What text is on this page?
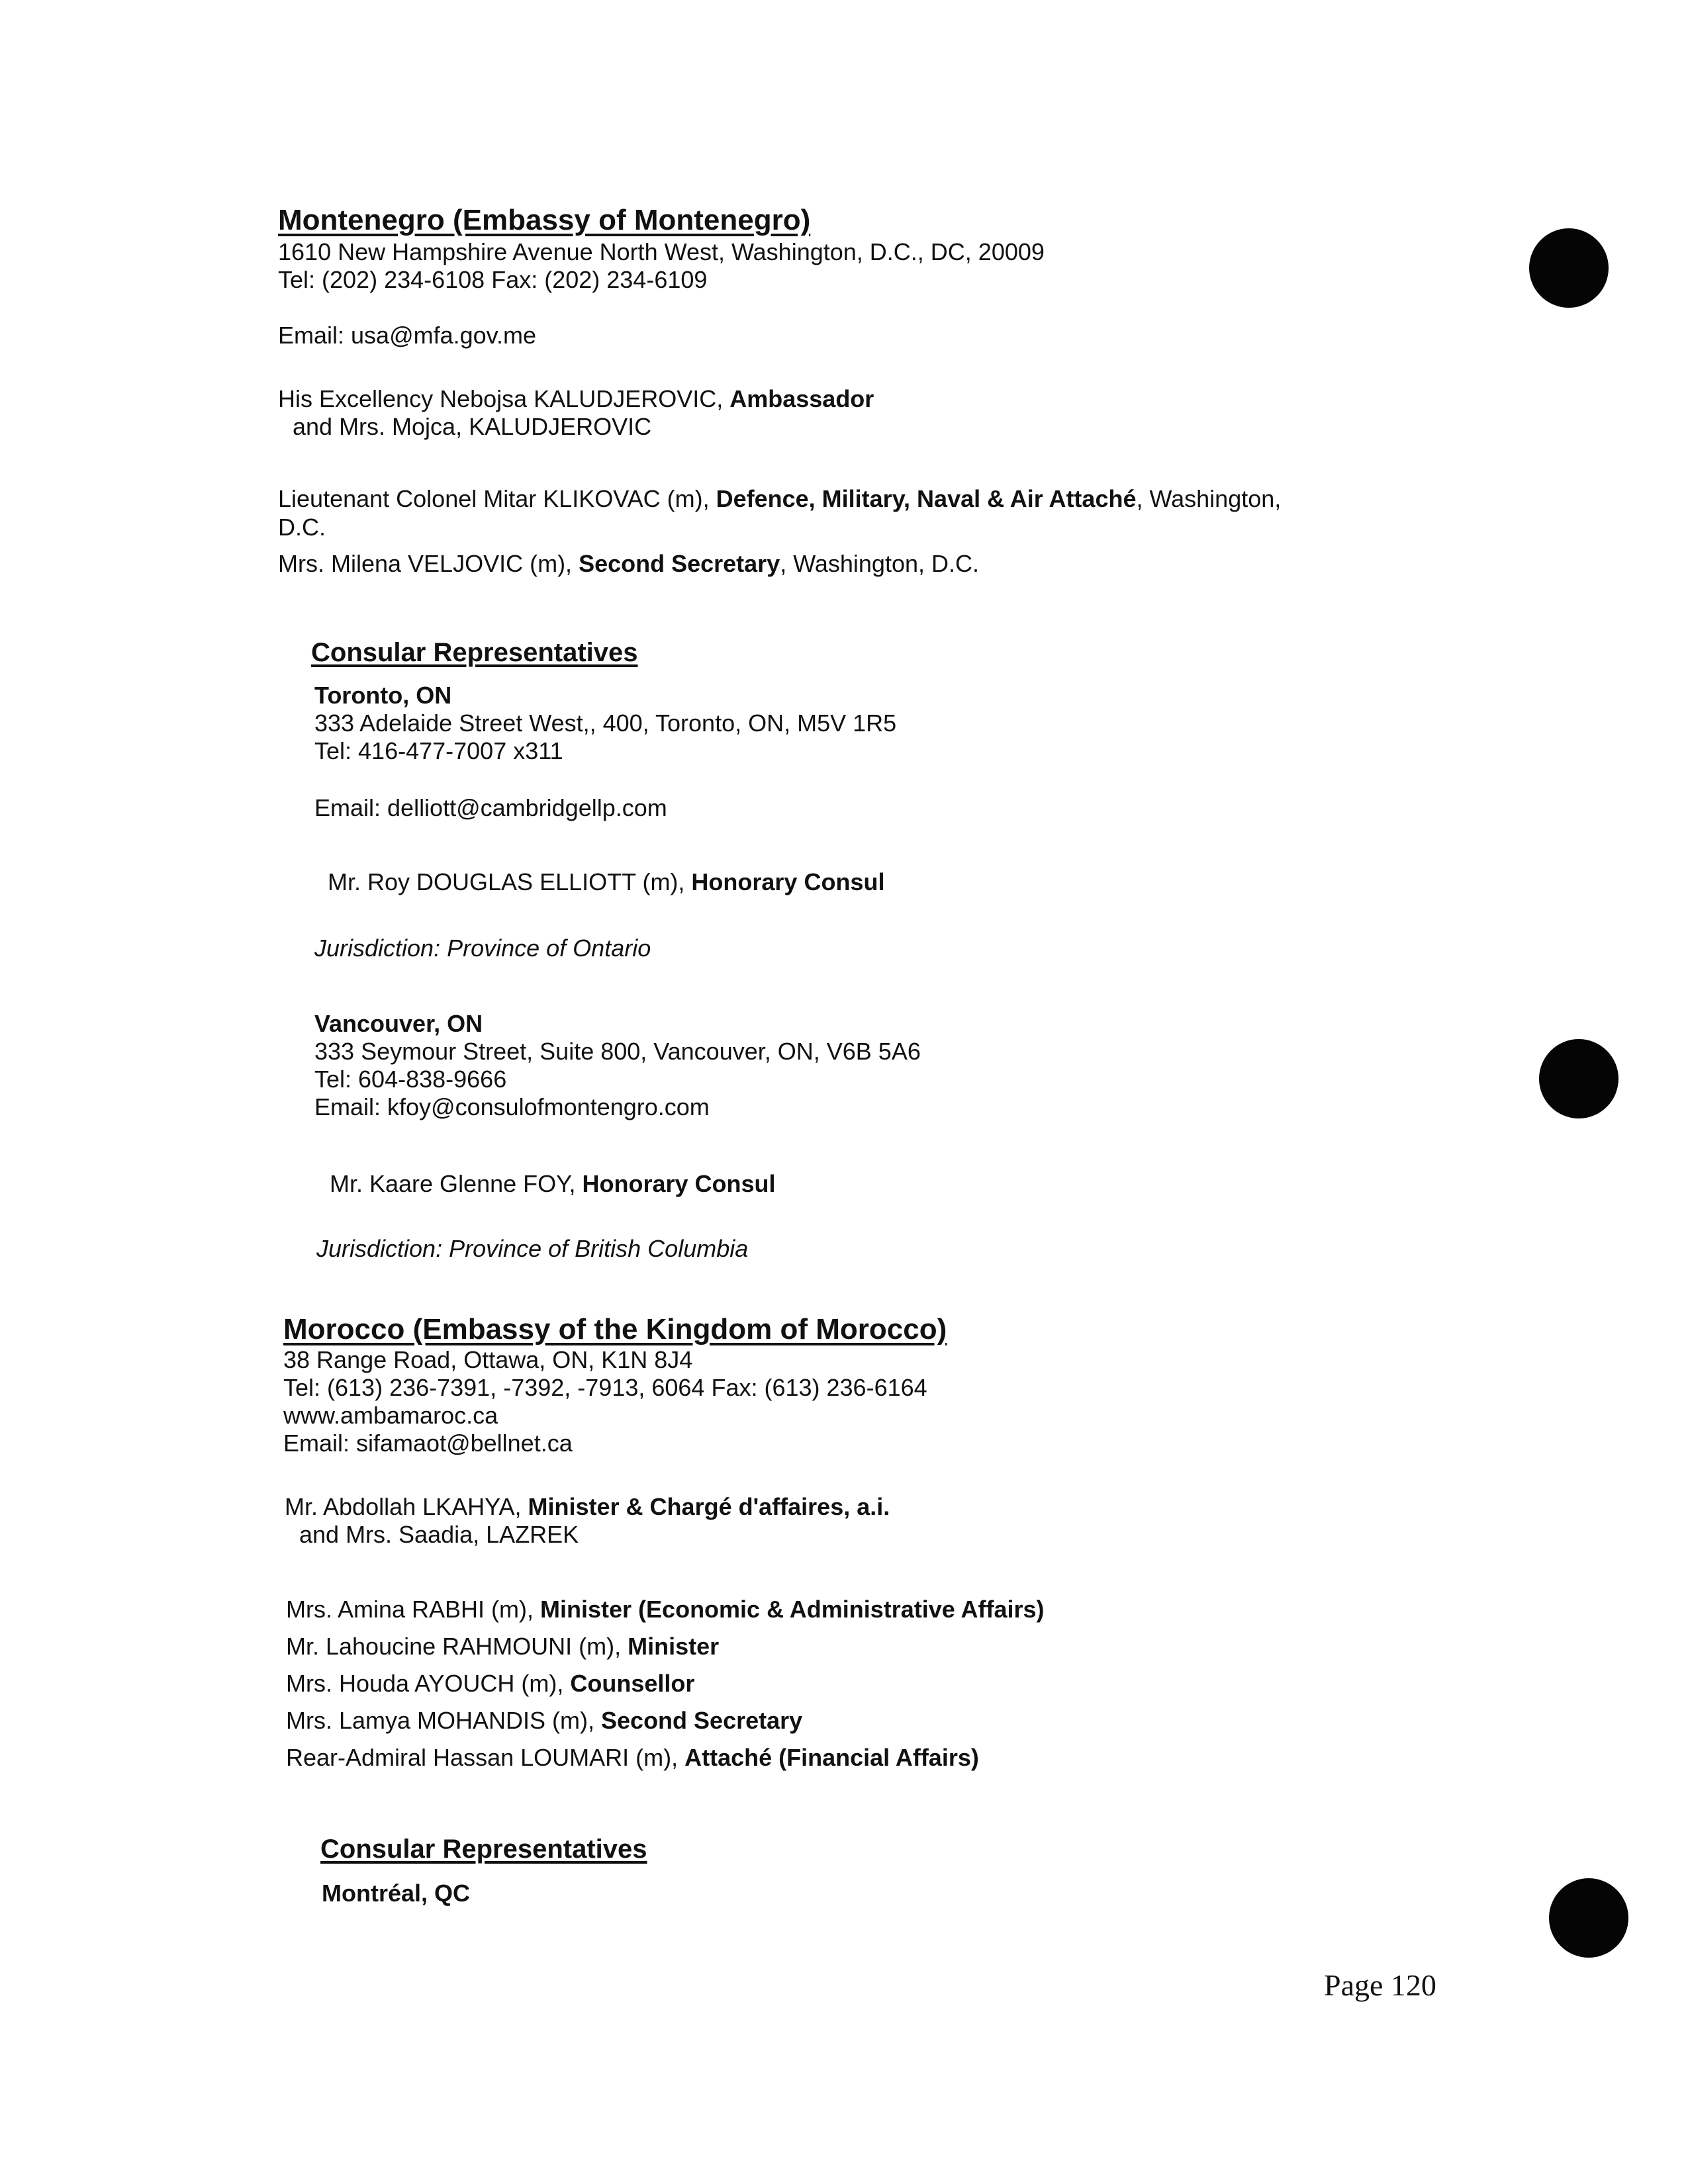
Montenegro (Embassy of Montenegro)
1610 New Hampshire Avenue North West, Washington, D.C., DC, 20009
Tel: (202) 234-6108 Fax: (202) 234-6109
Email: usa@mfa.gov.me
His Excellency Nebojsa KALUDJEROVIC, Ambassador
and Mrs. Mojca, KALUDJEROVIC
Lieutenant Colonel Mitar KLIKOVAC (m), Defence, Military, Naval & Air Attaché, Washington,
D.C.
Mrs. Milena VELJOVIC (m), Second Secretary, Washington, D.C.
Consular Representatives
Toronto, ON
333 Adelaide Street West,, 400, Toronto, ON, M5V 1R5
Tel: 416-477-7007 x311
Email: delliott@cambridgellp.com
Mr. Roy DOUGLAS ELLIOTT (m), Honorary Consul
Jurisdiction: Province of Ontario
Vancouver, ON
333 Seymour Street, Suite 800, Vancouver, ON, V6B 5A6
Tel: 604-838-9666
Email: kfoy@consulofmontengro.com
Mr. Kaare Glenne FOY, Honorary Consul
Jurisdiction: Province of British Columbia
Morocco (Embassy of the Kingdom of Morocco)
38 Range Road, Ottawa, ON, K1N 8J4
Tel: (613) 236-7391, -7392, -7913, 6064 Fax: (613) 236-6164
www.ambamaroc.ca
Email: sifamaot@bellnet.ca
Mr. Abdollah LKAHYA, Minister & Chargé d'affaires, a.i.
and Mrs. Saadia, LAZREK
Mrs. Amina RABHI (m), Minister (Economic & Administrative Affairs)
Mr. Lahoucine RAHMOUNI (m), Minister
Mrs. Houda AYOUCH (m), Counsellor
Mrs. Lamya MOHANDIS (m), Second Secretary
Rear-Admiral Hassan LOUMARI (m), Attaché (Financial Affairs)
Consular Representatives
Montréal, QC
Page 120
